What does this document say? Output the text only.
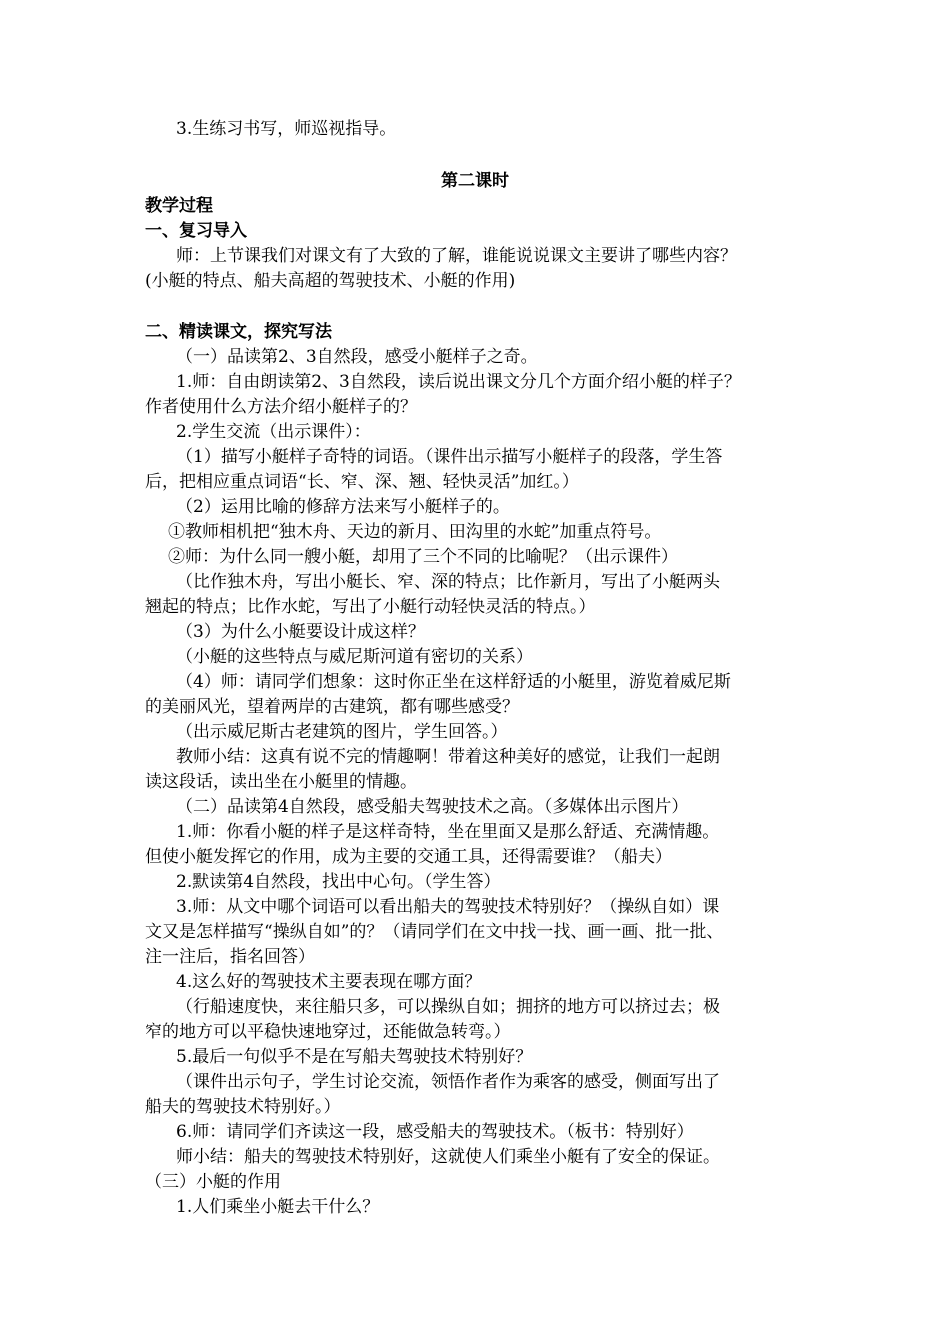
3.生练习书写，师巡视指导。
第二课时
教学过程
一、复习导入
师：上节课我们对课文有了大致的了解，谁能说说课文主要讲了哪些内容？
(小艇的特点、船夫高超的驾驶技术、小艇的作用)
二、精读课文，探究写法
（一）品读第2、3自然段，感受小艇样子之奇。
1.师：自由朗读第2、3自然段，读后说出课文分几个方面介绍小艇的样子？
作者使用什么方法介绍小艇样子的？
2.学生交流（出示课件）：
（1）描写小艇样子奇特的词语。（课件出示描写小艇样子的段落，学生答
后，把相应重点词语“长、窄、深、翘、轻快灵活”加红。）
（2）运用比喻的修辞方法来写小艇样子的。
①教师相机把“独木舟、天边的新月、田沟里的水蛇”加重点符号。
②师：为什么同一艘小艇，却用了三个不同的比喻呢？（出示课件）
（比作独木舟，写出小艇长、窄、深的特点；比作新月，写出了小艇两头
翘起的特点；比作水蛇，写出了小艇行动轻快灵活的特点。）
（3）为什么小艇要设计成这样？
（小艇的这些特点与威尼斯河道有密切的关系）
（4）师：请同学们想象：这时你正坐在这样舒适的小艇里，游览着威尼斯
的美丽风光，望着两岸的古建筑，都有哪些感受？
（出示威尼斯古老建筑的图片，学生回答。）
教师小结：这真有说不完的情趣啊！带着这种美好的感觉，让我们一起朗
读这段话，读出坐在小艇里的情趣。
（二）品读第4自然段，感受船夫驾驶技术之高。（多媒体出示图片）
1.师：你看小艇的样子是这样奇特，坐在里面又是那么舒适、充满情趣。
但使小艇发挥它的作用，成为主要的交通工具，还得需要谁？（船夫）
2.默读第4自然段，找出中心句。（学生答）
3.师：从文中哪个词语可以看出船夫的驾驶技术特别好？（操纵自如）课
文又是怎样描写“操纵自如”的？（请同学们在文中找一找、画一画、批一批、
注一注后，指名回答）
4.这么好的驾驶技术主要表现在哪方面？
（行船速度快，来往船只多，可以操纵自如；拥挤的地方可以挤过去；极
窄的地方可以平稳快速地穿过，还能做急转弯。）
5.最后一句似乎不是在写船夫驾驶技术特别好？
（课件出示句子，学生讨论交流，领悟作者作为乘客的感受，侧面写出了
船夫的驾驶技术特别好。）
6.师：请同学们齐读这一段，感受船夫的驾驶技术。（板书：特别好）
师小结：船夫的驾驶技术特别好，这就使人们乘坐小艇有了安全的保证。
（三）小艇的作用
1.人们乘坐小艇去干什么？
